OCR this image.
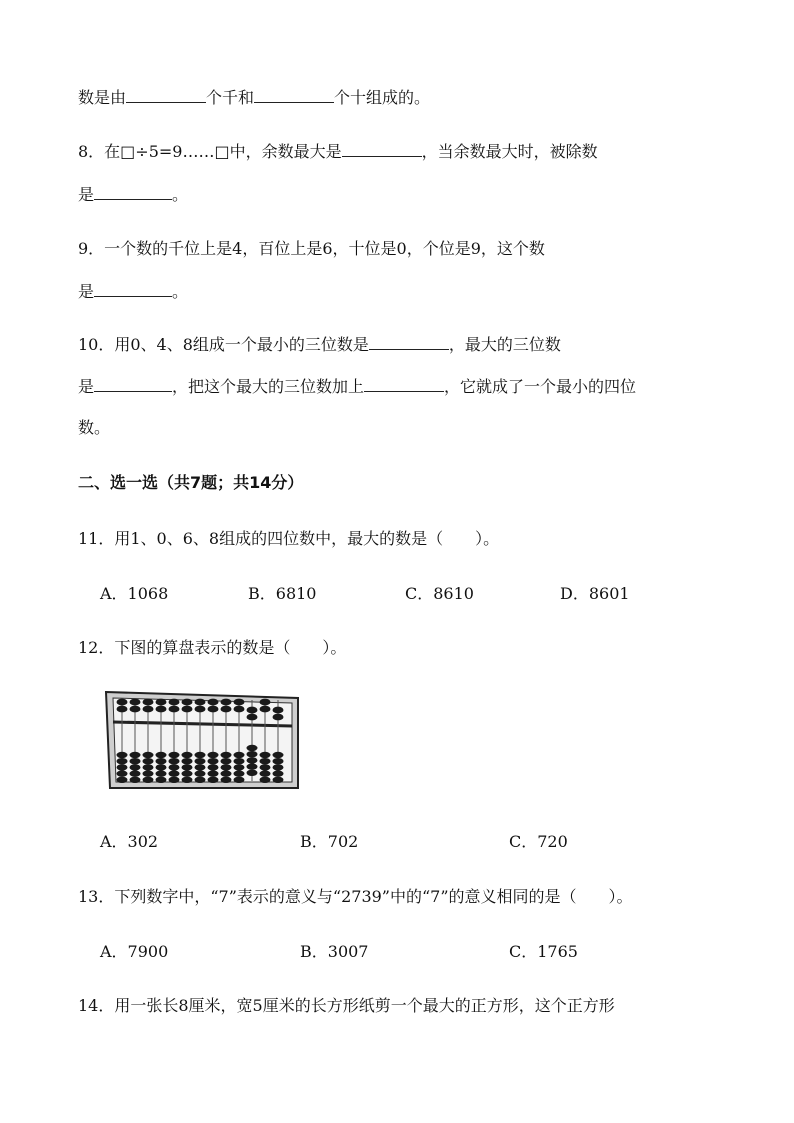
数是由	个千和	个十组成的。
8．在□÷5=9……□中，余数最大是	，当余数最大时，被除数
是	。
9．一个数的千位上是4，百位上是6，十位是0，个位是9，这个数
是	。
10．用0、4、8组成一个最小的三位数是	，最大的三位数
是	，把这个最大的三位数加上	，它就成了一个最小的四位
数。
二、选一选（共7题；共14分）
11．用1、0、6、8组成的四位数中，最大的数是（　　）。
A．1068	B．6810	C．8610	D．8601
12．下图的算盘表示的数是（　　）。
A．302	B．702	C．720
13．下列数字中，“7”表示的意义与“2739”中的“7”的意义相同的是（　　）。
A．7900	B．3007	C．1765
14．用一张长8厘米，宽5厘米的长方形纸剪一个最大的正方形，这个正方形
